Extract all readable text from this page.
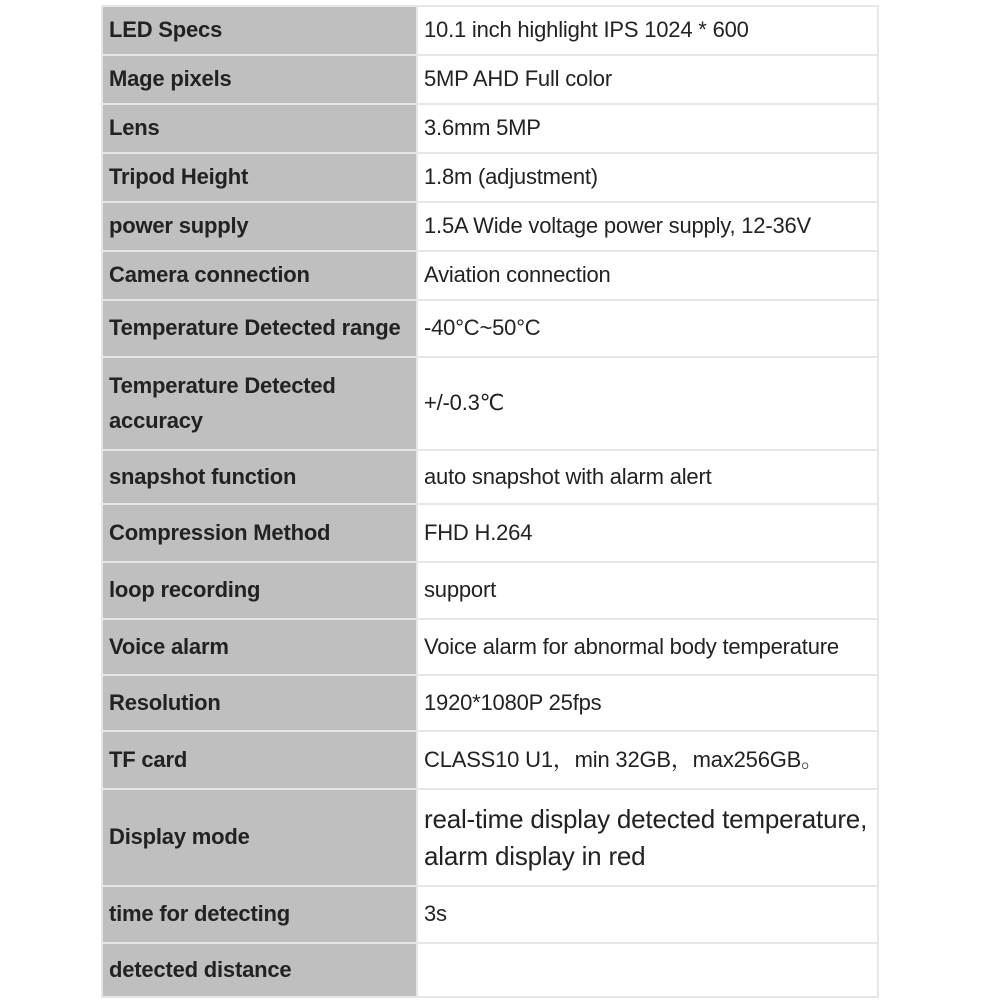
LED Specs	10.1 inch highlight IPS 1024 * 600
Mage pixels	5MP AHD Full color
Lens	3.6mm 5MP
Tripod Height	1.8m (adjustment)
power supply	1.5A Wide voltage power supply, 12-36V
Camera connection	Aviation connection
Temperature Detected range	-40°C~50°C
Temperature Detected accuracy	+/-0.3℃
snapshot function	auto snapshot with alarm alert
Compression Method	FHD H.264
loop recording	support
Voice alarm	Voice alarm for abnormal body temperature
Resolution	1920*1080P 25fps
TF card	CLASS10 U1，min 32GB，max256GB。
Display mode	real-time display detected temperature, alarm display in red
time for detecting	3s
detected distance	
